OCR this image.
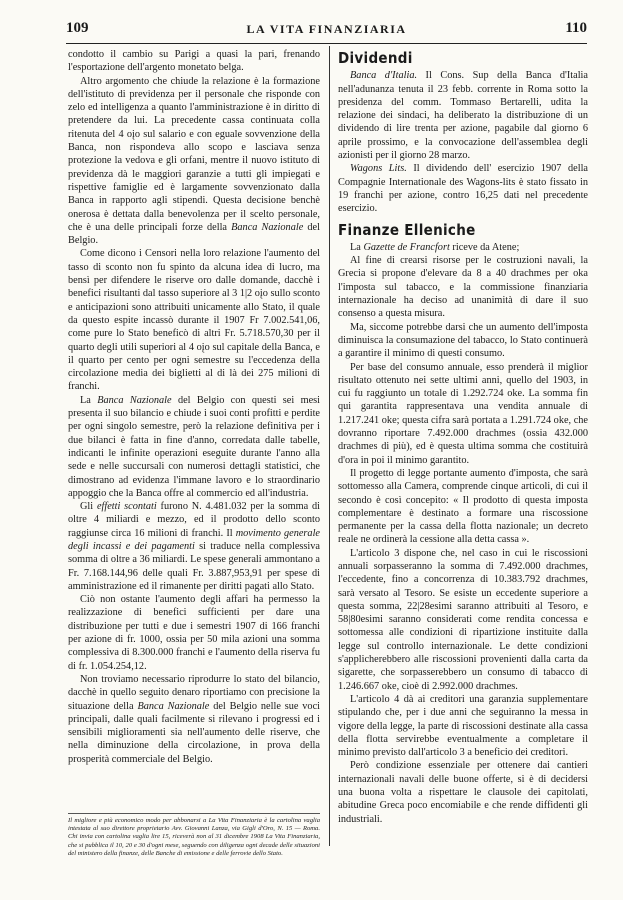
109	LA VITA FINANZIARIA	110

condotto il cambio su Parigi a quasi la pari, frenando l'esportazione dell'argento monetato belga.

Altro argomento che chiude la relazione è la formazione dell'istituto di previdenza per il personale che risponde con zelo ed intelligenza a quanto l'amministrazione è in diritto di pretendere da lui. La precedente cassa continuata colla ritenuta del 4 oįo sul salario e con eguale sovvenzione della Banca, non rispondeva allo scopo e lasciava senza protezione la vedova e gli orfani, mentre il nuovo istituto di previdenza dà le maggiori garanzie a tutti gli impiegati e rispettive famiglie ed è largamente sovvenzionato dalla Banca in rapporto agli stipendi. Questa decisione benchè onerosa è dettata dalla benevolenza per il scelto personale, che è una delle principali forze della Banca Nazionale del Belgio.

Come dicono i Censori nella loro relazione l'aumento del tasso di sconto non fu spinto da alcuna idea di lucro, ma bensì per difendere le riserve oro dalle domande, dacchè i benefici risultanti dal tasso superiore al 3 1|2 oįo sullo sconto e anticipazioni sono attribuiti unicamente allo Stato, il quale da questo espite incassò durante il 1907 Fr 7.002.541,06, come pure lo Stato beneficò di altri Fr. 5.718.570,30 per il quarto degli utili superiori al 4 oįo sul capitale della Banca, e il quarto per cento per ogni semestre su l'eccedenza della circolazione media dei biglietti al di là dei 275 milioni di franchi.

La Banca Nazionale del Belgio con questi sei mesi presenta il suo bilancio e chiude i suoi conti profitti e perdite per ogni singolo semestre, però la relazione definitiva per i due bilanci è fatta in fine d'anno, corredata dalle tabelle, indicanti le infinite operazioni eseguite durante l'anno alla sede e nelle succursali con numerosi dettagli statistici, che dimostrano ad evidenza l'immane lavoro e lo straordinario appoggio che la Banca offre al commercio ed all'industria.

Gli effetti scontati furono N. 4.481.032 per la somma di oltre 4 miliardi e mezzo, ed il prodotto dello sconto raggiunse circa 16 milioni di franchi. Il movimento generale degli incassi e dei pagamenti si traduce nella complessiva somma di oltre a 36 miliardi. Le spese generali ammontano a Fr. 7.168.144,96 delle quali Fr. 3.887,953,91 per spese di amministrazione ed il rimanente per diritti pagati allo Stato.

Ciò non ostante l'aumento degli affari ha permesso la realizzazione di benefici sufficienti per dare una distribuzione per tutti e due i semestri 1907 di 166 franchi per azione di fr. 1000, ossia per 50 mila azioni una somma complessiva di 8.300.000 franchi e l'aumento della riserva fu di fr. 1.054.254,12.

Non troviamo necessario riprodurre lo stato del bilancio, dacchè in quello seguito denaro riportiamo con precisione la situazione della Banca Nazionale del Belgio nelle sue voci principali, dalle quali facilmente si rilevano i progressi ed i sensibili miglioramenti sia nell'aumento delle riserve, che nella diminuzione della circolazione, in prova della prosperità commerciale del Belgio.

Il migliore e più economico modo per abbonarsi a La Vita Finanziaria è la cartolina vaglia intestata al suo direttore proprietario Avv. Giovanni Lanza, via Gigli d'Oro, N. 15 — Roma. Chi invia con cartolina vaglia lire 15, riceverà non al 31 dicembre 1908 La Vita Finanziaria, che si pubblica il 10, 20 e 30 d'ogni mese, seguendo con diligenza ogni decade delle situazioni del ministero della finanze, delle Banche di emissione e delle ferrovie dello Stato.
Dividendi

Banca d'Italia. Il Cons. Sup della Banca d'Italia nell'adunanza tenuta il 23 febb. corrente in Roma sotto la presidenza del comm. Tommaso Bertarelli, udita la relazione dei sindaci, ha deliberato la distribuzione di un dividendo di lire trenta per azione, pagabile dal giorno 6 aprile prossimo, e la convocazione dell'assemblea degli azionisti per il giorno 28 marzo.

Wagons Lits. Il dividendo dell' esercizio 1907 della Compagnie Internationale des Wagons-lits è stato fissato in 19 franchi per azione, contro 16,25 dati nel precedente esercizio.

Finanze Elleniche

La Gazette de Francfort riceve da Atene;

Al fine di crearsi risorse per le costruzioni navali, la Grecia si propone d'elevare da 8 a 40 drachmes per oka l'imposta sul tabacco, e la commissione finanziaria internazionale ha deciso ad unanimità di dare il suo consenso a questa misura.

Ma, siccome potrebbe darsi che un aumento dell'imposta diminuisca la consumazione del tabacco, lo Stato continuerà a garantire il minimo di questi consumo.

Per base del consumo annuale, esso prenderà il miglior risultato ottenuto nei sette ultimi anni, quello del 1903, in cui fu raggiunto un totale di 1.292.724 oke. La somma fin qui garantita rappresentava una vendita annuale di 1.217.241 oke; questa cifra sarà portata a 1.291.724 oke, che dovranno riportare 7.492.000 drachmes (ossia 432.000 drachmes di più), ed è questa ultima somma che costituirà d'ora in poi il minimo garantito.

Il progetto di legge portante aumento d'imposta, che sarà sottomesso alla Camera, comprende cinque articoli, di cui il secondo è così concepito: « Il prodotto di questa imposta complementare è destinato a formare una riscossione permanente per la cassa della flotta nazionale; un decreto reale ne ordinerà la cessione alla detta cassa ».

L'articolo 3 dispone che, nel caso in cui le riscossioni annuali sorpasseranno la somma di 7.492.000 drachmes, l'eccedente, fino a concorrenza di 10.383.792 drachmes, sarà versato al Tesoro. Se esiste un eccedente superiore a questa somma, 22|28esimi saranno attribuiti al Tesoro, e 58|80esimi saranno considerati come rendita concessa e sottomessa alle condizioni di ripartizione instituite dalla legge sul controllo internazionale. Le dette condizioni s'applicherebbero alle riscossioni provenienti dalla carta da sigarette, che sorpasserebbero un consumo di tabacco di 1.246.667 oke, cioè di 2.992.000 drachmes.

L'articolo 4 dà ai creditori una garanzia supplementare stipulando che, per i due anni che seguiranno la messa in vigore della legge, la parte di riscossioni destinate alla cassa della flotta servirebbe eventualmente a completare il minimo previsto dall'articolo 3 a beneficio dei creditori.

Però condizione essenziale per ottenere dai cantieri internazionali navali delle buone offerte, si è di decidersi una buona volta a rispettare le clausole dei capitolati, abitudine Greca poco encomiabile e che rende diffidenti gli industriali.
